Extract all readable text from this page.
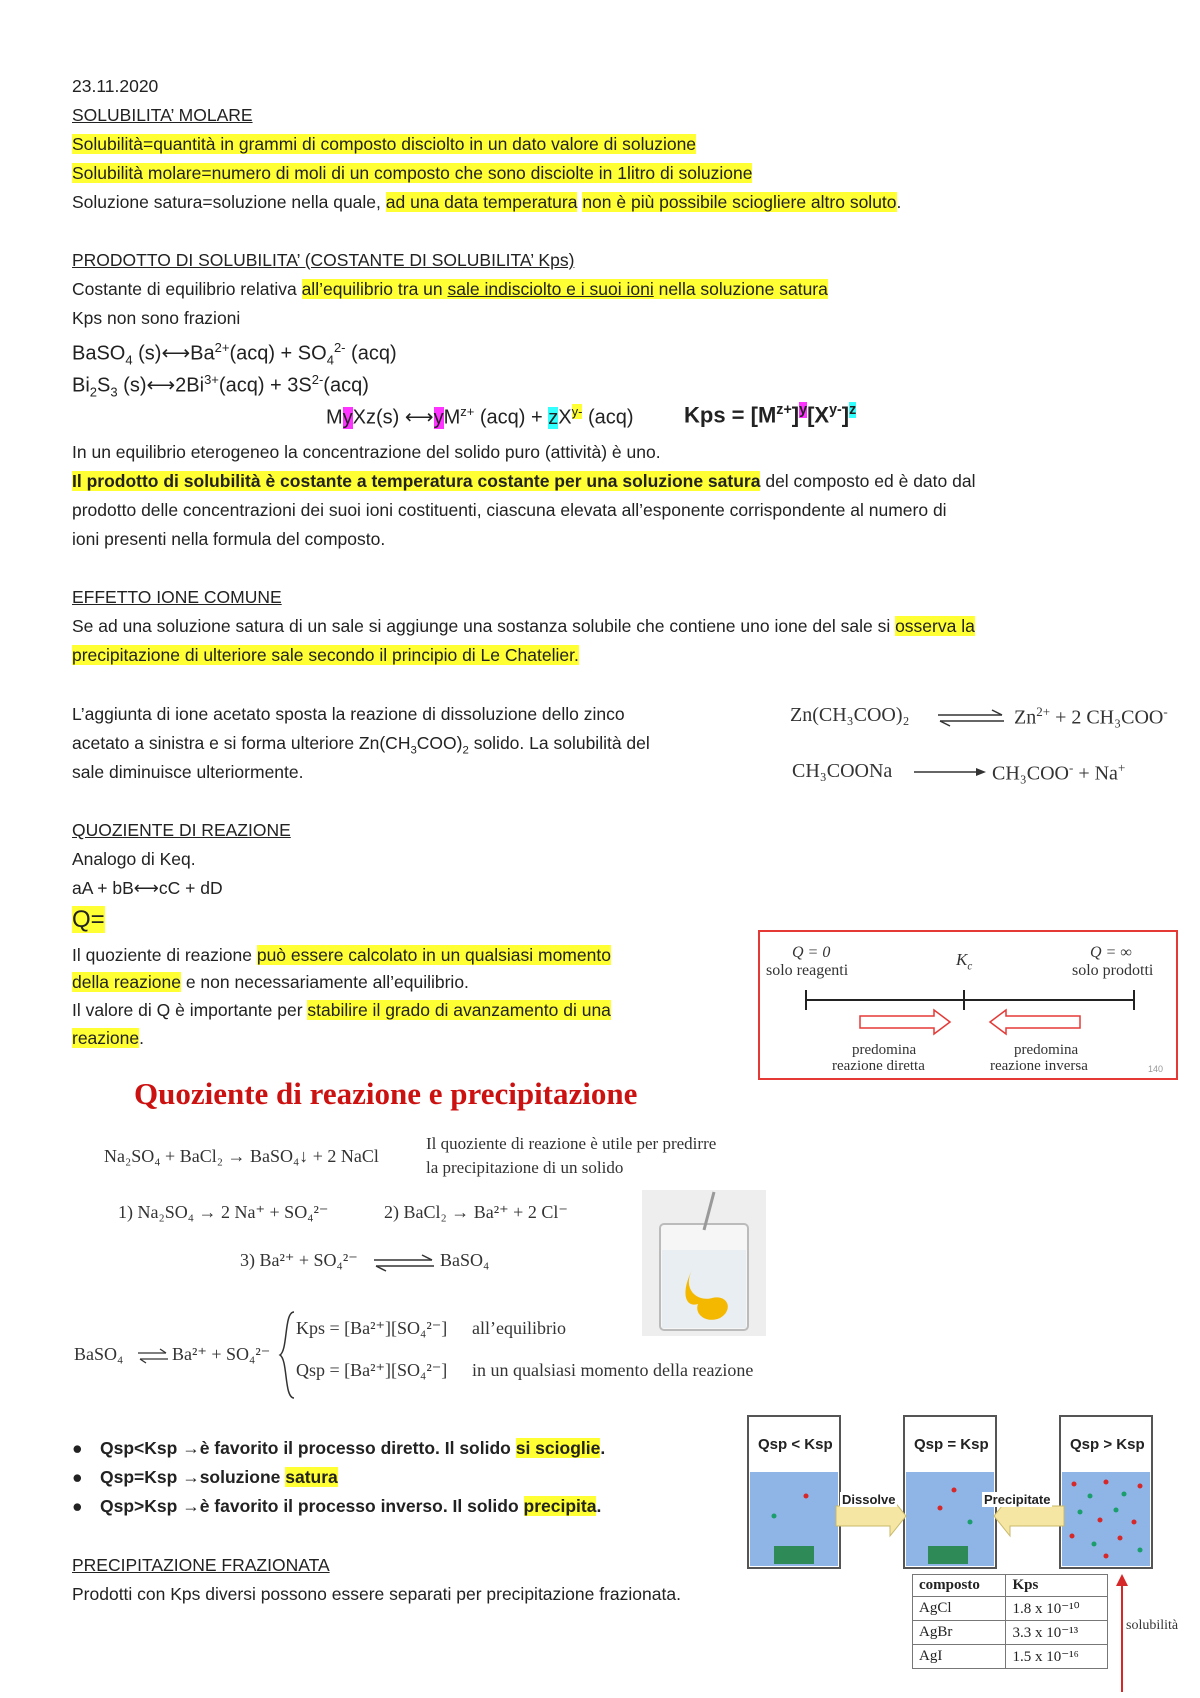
23.11.2020
SOLUBILITA’ MOLARE
Solubilità=quantità in grammi di composto disciolto in un dato valore di soluzione
Solubilità molare=numero di moli di un composto che sono disciolte in 1litro di soluzione
Soluzione satura=soluzione nella quale, ad una data temperatura non è più possibile sciogliere altro soluto.
PRODOTTO DI SOLUBILITA’ (COSTANTE DI SOLUBILITA’ Kps)
Costante di equilibrio relativa all’equilibrio tra un sale indisciolto e i suoi ioni nella soluzione satura
Kps non sono frazioni
BaSO$_4$ $(s)⟷Ba^{2+}(acq) + SO_4^{2-}$ (acq)
$Bi_2S_3$ $(s)⟷2Bi^{3+}(acq) + 3S^{2-}(acq)$
MyXz(s) $⟷yM^{z+}$ $(acq) + zX^{y-}$ (acq) Kps = $[M^{z+}]^y[X^{y-}]^z$
In un equilibrio eterogeneo la concentrazione del solido puro (attività) è uno.
Il prodotto di solubilità è costante a temperatura costante per una soluzione satura del composto ed è dato dal
prodotto delle concentrazioni dei suoi ioni costituenti, ciascuna elevata all’esponente corrispondente al numero di
ioni presenti nella formula del composto.
EFFETTO IONE COMUNE
Se ad una soluzione satura di un sale si aggiunge una sostanza solubile che contiene uno ione del sale si osserva la
precipitazione di ulteriore sale secondo il principio di Le Chatelier.
L’aggiunta di ione acetato sposta la reazione di dissoluzione dello zinco
acetato a sinistra e si forma ulteriore $Zn(CH_3COO)_2$ solido. La solubilità del
sale diminuisce ulteriormente.
Zn(CH₃COO)₂	$Zn^{2+} + 2$ CH₃COO-
CH₃COONa	CH₃COO- + Na+
QUOZIENTE DI REAZIONE
Analogo di Keq.
aA + bB⟷cC + dD
Q=
Il quoziente di reazione può essere calcolato in un qualsiasi momento
della reazione e non necessariamente all’equilibrio.
Il valore di Q è importante per stabilire il grado di avanzamento di una
reazione.
Q = 0
solo reagenti
$K_c$
Q = ∞
solo prodotti
predomina
reazione diretta
predomina
reazione inversa	140
Quoziente di reazione e precipitazione
Na₂SO₄ + BaCl₂ → BaSO₄↓ + 2 NaCl
Il quoziente di reazione è utile per predirre
la precipitazione di un solido
1) Na₂SO₄ → 2 Na⁺ + SO₄²⁻	2) BaCl₂ → Ba²⁺ + 2 Cl⁻
3) Ba²⁺ + SO₄²⁻	BaSO₄
BaSO₄	Ba²⁺ + SO₄²⁻
Kps = [Ba²⁺][SO₄²⁻] all’equilibrio
Qsp = [Ba²⁺][SO₄²⁻] in un qualsiasi momento della reazione
● Qsp<Ksp →è favorito il processo diretto. Il solido si scioglie.
● Qsp=Ksp →soluzione satura
● Qsp>Ksp →è favorito il processo inverso. Il solido precipita.
Qsp < Ksp	Qsp = Ksp	Qsp > Ksp
Dissolve	Precipitate
PRECIPITAZIONE FRAZIONATA
Prodotti con Kps diversi possono essere separati per precipitazione frazionata.	composto	Kps
AgCl	1.8 x 10⁻¹⁰
AgBr	3.3 x 10⁻¹³
AgI	1.5 x 10⁻¹⁶
solubilità
